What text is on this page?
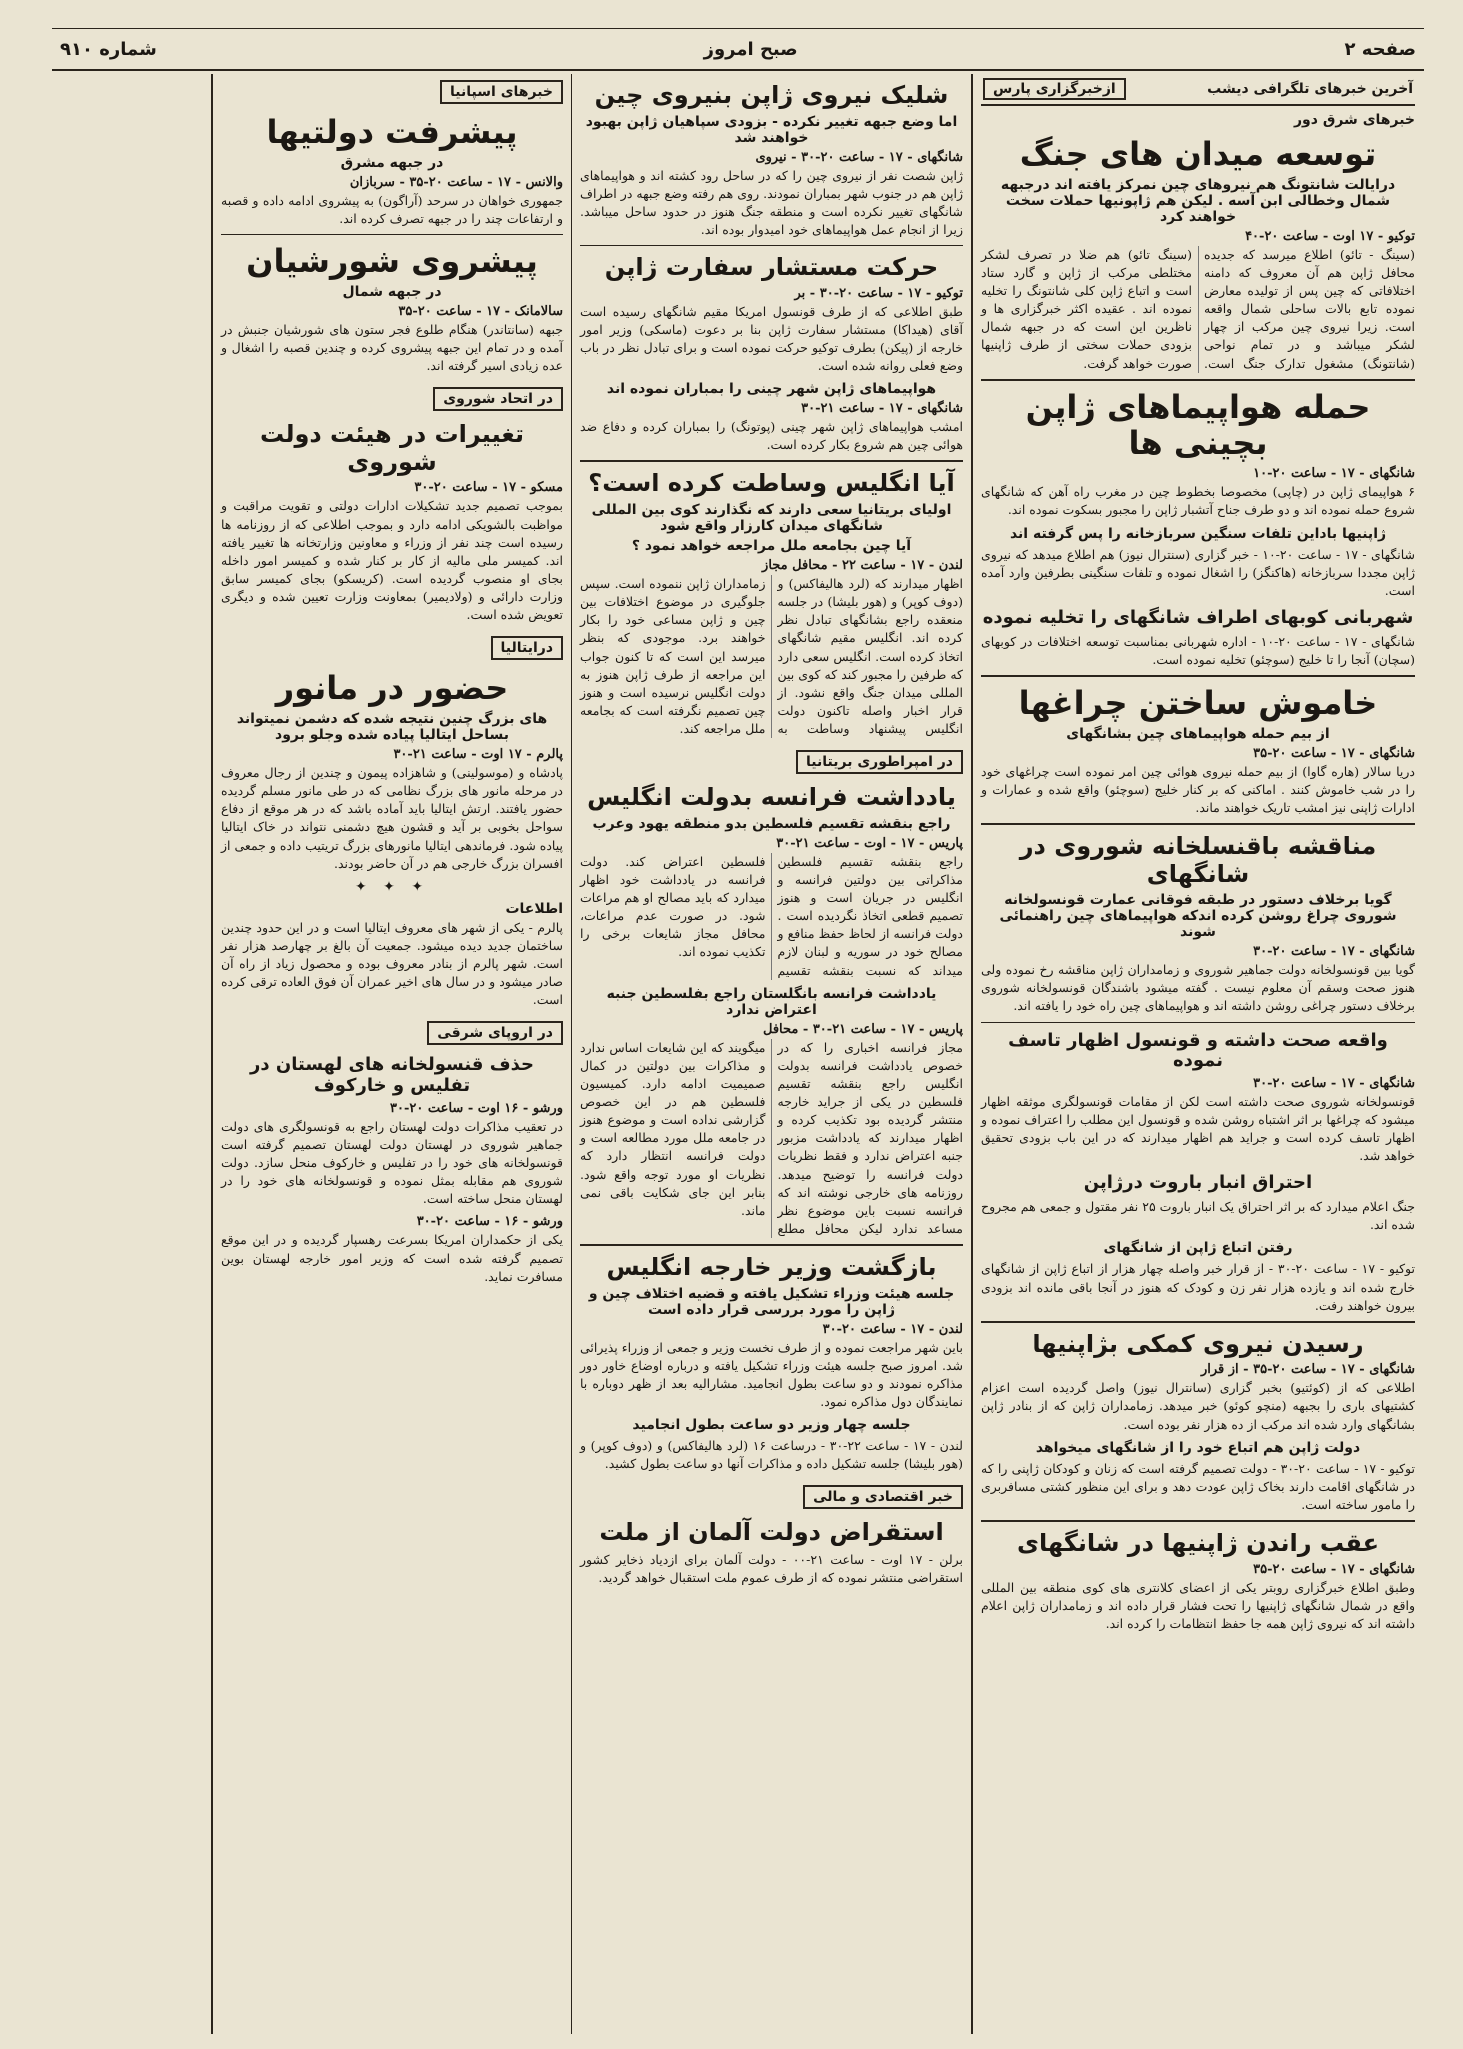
صفحه ۲
صبح امروز
شماره ۹۱۰
آخرین خبرهای تلگرافی دیشب
ازخبرگزاری پارس
خبرهای شرق دور
توسعه میدان های جنگ
درایالت شانتونگ هم نیروهای چین نمرکز یافته اند درجبهه شمال وخطالی ابن آسه . لیکن هم ژاپونیها حملات سخت خواهند کرد
توکیو - ۱۷ اوت - ساعت ۲۰-۴۰

(سینگ - تائو) اطلاع میرسد که جدیده محافل ژاپن هم آن معروف که دامنه اختلافاتی که چین پس از تولیده معارض نموده تابع بالات ساحلی شمال واقعه است. زیرا نیروی چین مرکب از چهار لشکر میباشد و در تمام نواحی (شانتونگ) مشغول تدارک جنگ است. (سینگ تائو) هم ضلا در تصرف لشکر مختلطی مرکب از ژاپن و گارد ستاد است و اتباع ژاپن کلی شانتونگ را تخلیه نموده اند . عقیده اکثر خبرگزاری ها و ناظرین این است که در جبهه شمال بزودی حملات سختی از طرف ژاپنیها صورت خواهد گرفت.

حمله هواپیماهای ژاپن بچینی ها
شانگهای - ۱۷ - ساعت ۲۰-۱۰

۶ هواپیمای ژاپن در (چاپی) مخصوصا بخطوط چین در مغرب راه آهن که شانگهای شروع حمله نموده اند و دو طرف جناح آتشبار ژاپن را مجبور بسکوت نموده اند.

ژاپنیها باداین تلفات سنگین سربازخانه را پس گرفته اند

شانگهای - ۱۷ - ساعت ۲۰-۱۰ - خبر گزاری (سنترال نیوز) هم اطلاع میدهد که نیروی ژاپن مجددا سربازخانه (هاکنگز) را اشغال نموده و تلفات سنگینی بطرفین وارد آمده است.

شهربانی کوبهای اطراف شانگهای را تخلیه نموده

شانگهای - ۱۷ - ساعت ۲۰-۱۰ - اداره شهربانی بمناسبت توسعه اختلافات در کوبهای (سچان) آنجا را تا خلیج (سوچئو) تخلیه نموده است.

خاموش ساختن چراغها
از بیم حمله هواپیماهای چین بشانگهای
شانگهای - ۱۷ - ساعت ۲۰-۳۵

دریا سالار (هاره گاوا) از بیم حمله نیروی هوائی چین امر نموده است چراغهای خود را در شب خاموش کنند . اماکنی که بر کنار خلیج (سوچئو) واقع شده و عمارات و ادارات ژاپنی نیز امشب تاریک خواهند ماند.

مناقشه باقنسلخانه شوروی در شانگهای
گویا برخلاف دستور در طبقه فوقانی عمارت قونسولخانه شوروی چراغ روشن کرده اندکه هواپیماهای چین راهنمائی شوند
شانگهای - ۱۷ - ساعت ۲۰-۳۰

گویا بین قونسولخانه دولت جماهیر شوروی و زمامداران ژاپن مناقشه رخ نموده ولی هنوز صحت وسقم آن معلوم نیست . گفته میشود باشندگان قونسولخانه شوروی برخلاف دستور چراغی روشن داشته اند و هواپیماهای چین راه خود را یافته اند.

واقعه صحت داشته و قونسول اظهار تاسف نموده
شانگهای - ۱۷ - ساعت ۲۰-۳۰

قونسولخانه شوروی صحت داشته است لکن از مقامات قونسولگری موثقه اظهار میشود که چراغها بر اثر اشتباه روشن شده و قونسول این مطلب را اعتراف نموده و اظهار تاسف کرده است و جراید هم اظهار میدارند که در این باب بزودی تحقیق خواهد شد.

احتراق انبار باروت درژاپن

جنگ اعلام میدارد که بر اثر احتراق یک انبار باروت ۲۵ نفر مقتول و جمعی هم مجروح شده اند.

رفتن اتباع ژاپن از شانگهای

توکیو - ۱۷ - ساعت ۲۰-۳۰ - از قرار خبر واصله چهار هزار از اتباع ژاپن از شانگهای خارج شده اند و یازده هزار نفر زن و کودک که هنوز در آنجا باقی مانده اند بزودی بیرون خواهند رفت.

رسیدن نیروی کمکی بژاپنیها
شانگهای - ۱۷ - ساعت ۲۰-۳۵ - از قرار

اطلاعی که از (کوئتیو) بخبر گزاری (سانترال نیوز) واصل گردیده است اعزام کشتیهای باری را بجبهه (منچو کوئو) خبر میدهد. زمامداران ژاپن که از بنادر ژاپن بشانگهای وارد شده اند مرکب از ده هزار نفر بوده است.

دولت ژاپن هم اتباع خود را از شانگهای میخواهد

توکیو - ۱۷ - ساعت ۲۰-۳۰ - دولت تصمیم گرفته است که زنان و کودکان ژاپنی را که در شانگهای اقامت دارند بخاک ژاپن عودت دهد و برای این منظور کشتی مسافربری را مامور ساخته است.

عقب راندن ژاپنیها در شانگهای
شانگهای - ۱۷ - ساعت ۲۰-۳۵

وطبق اطلاع خبرگزاری روبتر یکی از اعضای کلانتری های کوی منطقه بین المللی واقع در شمال شانگهای ژاپنیها را تحت فشار قرار داده اند و زمامداران ژاپن اعلام داشته اند که نیروی ژاپن همه جا حفظ انتظامات را کرده اند.

شلیک نیروی ژاپن بنیروی چین
اما وضع جبهه تغییر نکرده - بزودی سپاهیان ژاپن بهبود خواهند شد
شانگهای - ۱۷ - ساعت ۲۰-۳۰ - نیروی

ژاپن شصت نفر از نیروی چین را که در ساحل رود کشته اند و هواپیماهای ژاپن هم در جنوب شهر بمباران نمودند. روی هم رفته وضع جبهه در اطراف شانگهای تغییر نکرده است و منطقه جنگ هنوز در حدود ساحل میباشد. زیرا از انجام عمل هواپیماهای خود امیدوار بوده اند.

حرکت مستشار سفارت ژاپن
توکیو - ۱۷ - ساعت ۲۰-۳۰ - بر

طبق اطلاعی که از طرف قونسول امریکا مقیم شانگهای رسیده است آقای (هیداکا) مستشار سفارت ژاپن بنا بر دعوت (ماسکی) وزیر امور خارجه از (پیکن) بطرف توکیو حرکت نموده است و برای تبادل نظر در باب وضع فعلی روانه شده است.

هواپیماهای ژاپن شهر چینی را بمباران نموده اند
شانگهای - ۱۷ - ساعت ۲۱-۳۰

امشب هواپیماهای ژاپن شهر چینی (پوتونگ) را بمباران کرده و دفاع ضد هوائی چین هم شروع بکار کرده است.

آیا انگلیس وساطت کرده است؟
اولیای بریتانیا سعی دارند که نگذارند کوی بین المللی شانگهای میدان کارزار واقع شود
آیا چین بجامعه ملل مراجعه خواهد نمود ؟
لندن - ۱۷ - ساعت ۲۲ - محافل مجاز

اظهار میدارند که (لرد هالیفاکس) و (دوف کوپر) و (هور بلیشا) در جلسه منعقده راجع بشانگهای تبادل نظر کرده اند. انگلیس مقیم شانگهای اتخاذ کرده است. انگلیس سعی دارد که طرفین را مجبور کند که کوی بین المللی میدان جنگ واقع نشود. از قرار اخبار واصله تاکنون دولت انگلیس پیشنهاد وساطت به زمامداران ژاپن ننموده است. سپس جلوگیری در موضوع اختلافات بین چین و ژاپن مساعی خود را بکار خواهند برد. موجودی که بنظر میرسد این است که تا کنون جواب این مراجعه از طرف ژاپن هنوز به دولت انگلیس نرسیده است و هنوز چین تصمیم نگرفته است که بجامعه ملل مراجعه کند.

در امپراطوری بریتانیا
یادداشت فرانسه بدولت انگلیس
راجع بنقشه تقسیم فلسطین بدو منطقه یهود وعرب
پاریس - ۱۷ - اوت - ساعت ۲۱-۳۰

راجع بنقشه تقسیم فلسطین مذاکراتی بین دولتین فرانسه و انگلیس در جریان است و هنوز تصمیم قطعی اتخاذ نگردیده است . دولت فرانسه از لحاظ حفظ منافع و مصالح خود در سوریه و لبنان لازم میداند که نسبت بنقشه تقسیم فلسطین اعتراض کند. دولت فرانسه در یادداشت خود اظهار میدارد که باید مصالح او هم مراعات شود. در صورت عدم مراعات، محافل مجاز شایعات برخی را تکذیب نموده اند.

یادداشت فرانسه بانگلستان راجع بفلسطین جنبه اعتراض ندارد
پاریس - ۱۷ - ساعت ۲۱-۳۰ - محافل

مجاز فرانسه اخباری را که در خصوص یادداشت فرانسه بدولت انگلیس راجع بنقشه تقسیم فلسطین در یکی از جراید خارجه منتشر گردیده بود تکذیب کرده و اظهار میدارند که یادداشت مزبور جنبه اعتراض ندارد و فقط نظریات دولت فرانسه را توضیح میدهد. روزنامه های خارجی نوشته اند که فرانسه نسبت باین موضوع نظر مساعد ندارد لیکن محافل مطلع میگویند که این شایعات اساس ندارد و مذاکرات بین دولتین در کمال صمیمیت ادامه دارد. کمیسیون فلسطین هم در این خصوص گزارشی نداده است و موضوع هنوز در جامعه ملل مورد مطالعه است و دولت فرانسه انتظار دارد که نظریات او مورد توجه واقع شود. بنابر این جای شکایت باقی نمی ماند.

بازگشت وزیر خارجه انگلیس
جلسه هیئت وزراء تشکیل یافته و قضیه اختلاف چین و ژاپن را مورد بررسی قرار داده است
لندن - ۱۷ - ساعت ۲۰-۳۰

باین شهر مراجعت نموده و از طرف نخست وزیر و جمعی از وزراء پذیرائی شد. امروز صبح جلسه هیئت وزراء تشکیل یافته و درباره اوضاع خاور دور مذاکره نمودند و دو ساعت بطول انجامید. مشارالیه بعد از ظهر دوباره با نمایندگان دول مذاکره نمود.

جلسه چهار وزیر دو ساعت بطول انجامید

لندن - ۱۷ - ساعت ۲۲-۳۰ - درساعت ۱۶ (لرد هالیفاکس) و (دوف کوپر) و (هور بلیشا) جلسه تشکیل داده و مذاکرات آنها دو ساعت بطول کشید.

خبر اقتصادی و مالی
استقراض دولت آلمان از ملت

برلن - ۱۷ اوت - ساعت ۲۱-۰۰ - دولت آلمان برای ازدیاد ذخایر کشور استقراضی منتشر نموده که از طرف عموم ملت استقبال خواهد گردید.

خبرهای اسپانیا
پیشرفت دولتیها
در جبهه مشرق
والانس - ۱۷ - ساعت ۲۰-۳۵ - سربازان

جمهوری خواهان در سرحد (آراگون) به پیشروی ادامه داده و قصبه و ارتفاعات چند را در جبهه تصرف کرده اند.

پیشروی شورشیان
در جبهه شمال
سالامانک - ۱۷ - ساعت ۲۰-۳۵

جبهه (سانتاندر) هنگام طلوع فجر ستون های شورشیان جنبش در آمده و در تمام این جبهه پیشروی کرده و چندین قصبه را اشغال و عده زیادی اسیر گرفته اند.

در اتحاد شوروی
تغییرات در هیئت دولت شوروی
مسکو - ۱۷ - ساعت ۲۰-۳۰

بموجب تصمیم جدید تشکیلات ادارات دولتی و تقویت مراقبت و مواظبت بالشویکی ادامه دارد و بموجب اطلاعی که از روزنامه ها رسیده است چند نفر از وزراء و معاونین وزارتخانه ها تغییر یافته اند. کمیسر ملی مالیه از کار بر کنار شده و کمیسر امور داخله بجای او منصوب گردیده است. (کریسکو) بجای کمیسر سابق وزارت دارائی و (ولادیمیر) بمعاونت وزارت تعیین شده و دیگری تعویض شده است.

درایتالیا
حضور در مانور
های بزرگ چنین نتیجه شده که دشمن نمیتواند بساحل ایتالیا پیاده شده وجلو برود
پالرم - ۱۷ اوت - ساعت ۲۱-۳۰

پادشاه و (موسولینی) و شاهزاده پیمون و چندین از رجال معروف در مرحله مانور های بزرگ نظامی که در طی مانور مسلم گردیده حضور یافتند. ارتش ایتالیا باید آماده باشد که در هر موقع از دفاع سواحل بخوبی بر آید و قشون هیچ دشمنی نتواند در خاک ایتالیا پیاده شود. فرماندهی ایتالیا مانورهای بزرگ تریتیب داده و جمعی از افسران بزرگ خارجی هم در آن حاضر بودند.

✦ ✦ ✦
اطلاعات

پالرم - یکی از شهر های معروف ایتالیا است و در این حدود چندین ساختمان جدید دیده میشود. جمعیت آن بالغ بر چهارصد هزار نفر است. شهر پالرم از بنادر معروف بوده و محصول زیاد از راه آن صادر میشود و در سال های اخیر عمران آن فوق العاده ترقی کرده است.

در اروپای شرقی
حذف قنسولخانه های لهستان در تفلیس و خارکوف
ورشو - ۱۶ اوت - ساعت ۲۰-۳۰

در تعقیب مذاکرات دولت لهستان راجع به قونسولگری های دولت جماهیر شوروی در لهستان دولت لهستان تصمیم گرفته است قونسولخانه های خود را در تفلیس و خارکوف منحل سازد. دولت شوروی هم مقابله بمثل نموده و قونسولخانه های خود را در لهستان منحل ساخته است.

ورشو - ۱۶ - ساعت ۲۰-۳۰

یکی از حکمداران امریکا بسرعت رهسپار گردیده و در این موقع تصمیم گرفته شده است که وزیر امور خارجه لهستان بوین مسافرت نماید.
